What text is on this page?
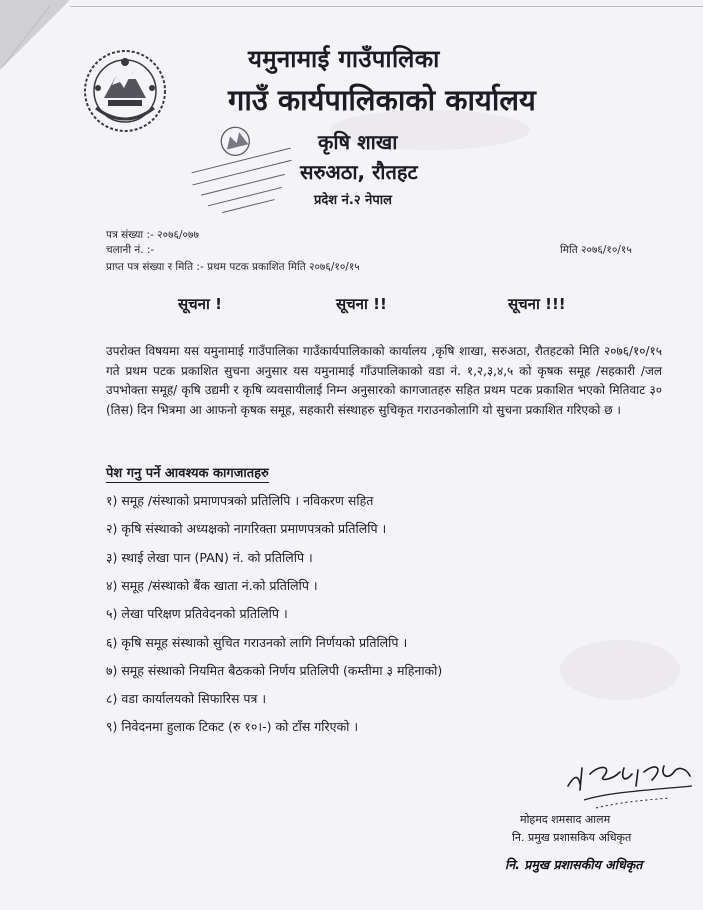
यमुनामाई गाउँपालिका
गाउँ कार्यपालिकाको कार्यालय
कृषि शाखा
सरुअठा, रौतहट
प्रदेश नं.२ नेपाल
पत्र संख्या :- २०७६/०७७
चलानी नं. :-	मिति २०७६/१०/१५
प्राप्त पत्र संख्या र मिति :- प्रथम पटक प्रकाशित मिति २०७६/१०/१५
सूचना !	सूचना !!	सूचना !!!
उपरोक्त विषयमा यस यमुनामाई गाउँपालिका गाउँकार्यपालिकाको कार्यालय ,कृषि शाखा, सरुअठा, रौतहटको मिति २०७६/१०/१५ गते प्रथम पटक प्रकाशित सुचना अनुसार यस यमुनामाई गाँउपालिकाको वडा नं. १,२,३,४,५ को कृषक समूह /सहकारी /जल उपभोक्ता समूह/ कृषि उद्यमी र कृषि व्यवसायीलाई निम्न अनुसारको कागजातहरु सहित प्रथम पटक प्रकाशित भएको मितिवाट ३० (तिस) दिन भित्रमा आ आफनो कृषक समूह, सहकारी संस्थाहरु सुचिकृत गराउनकोलागि यो सुचना प्रकाशित गरिएको छ ।
पेश गनु पर्ने आवश्यक कागजातहरु
१) समूह /संस्थाको प्रमाणपत्रको प्रतिलिपि । नविकरण सहित
२) कृषि संस्थाको अध्यक्षको नागरिक्ता प्रमाणपत्रको प्रतिलिपि ।
३) स्थाई लेखा पान (PAN) नं. को प्रतिलिपि ।
४) समूह /संस्थाको बैंक खाता नं.को प्रतिलिपि ।
५) लेखा परिक्षण प्रतिवेदनको प्रतिलिपि ।
६) कृषि समूह संस्थाको सुचित गराउनको लागि निर्णयको प्रतिलिपि ।
७) समूह संस्थाको नियमित बैठकको निर्णय प्रतिलिपी (कम्तीमा ३ महिनाको)
८) वडा कार्यालयको सिफारिस पत्र ।
९) निवेदनमा हुलाक टिकट (रु १०।-) को टाँस गरिएको ।
मोहमद शमसाद आलम
नि. प्रमुख प्रशासकिय अधिकृत
नि. प्रमुख प्रशासकीय अधिकृत
